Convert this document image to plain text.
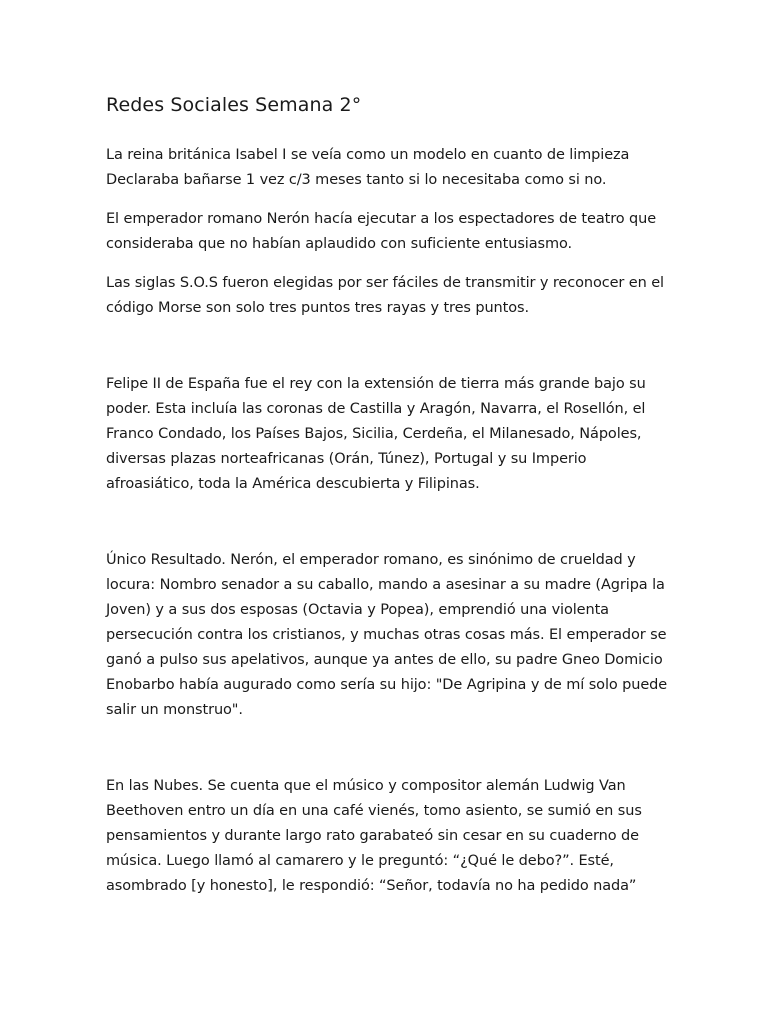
Redes Sociales Semana 2°

La reina británica Isabel I se veía como un modelo en cuanto de limpieza
Declaraba bañarse 1 vez c/3 meses tanto si lo necesitaba como si no.

El emperador romano Nerón hacía ejecutar a los espectadores de teatro que
consideraba que no habían aplaudido con suficiente entusiasmo.

Las siglas S.O.S fueron elegidas por ser fáciles de transmitir y reconocer en el
código Morse son solo tres puntos tres rayas y tres puntos.

Felipe II de España fue el rey con la extensión de tierra más grande bajo su
poder. Esta incluía las coronas de Castilla y Aragón, Navarra, el Rosellón, el
Franco Condado, los Países Bajos, Sicilia, Cerdeña, el Milanesado, Nápoles,
diversas plazas norteafricanas (Orán, Túnez), Portugal y su Imperio
afroasiático, toda la América descubierta y Filipinas.

Único Resultado. Nerón, el emperador romano, es sinónimo de crueldad y
locura: Nombro senador a su caballo, mando a asesinar a su madre (Agripa la
Joven) y a sus dos esposas (Octavia y Popea), emprendió una violenta
persecución contra los cristianos, y muchas otras cosas más. El emperador se
ganó a pulso sus apelativos, aunque ya antes de ello, su padre Gneo Domicio
Enobarbo había augurado como sería su hijo: "De Agripina y de mí solo puede
salir un monstruo".

En las Nubes. Se cuenta que el músico y compositor alemán Ludwig Van
Beethoven entro un día en una café vienés, tomo asiento, se sumió en sus
pensamientos y durante largo rato garabateó sin cesar en su cuaderno de
música. Luego llamó al camarero y le preguntó: “¿Qué le debo?”. Esté,
asombrado [y honesto], le respondió: “Señor, todavía no ha pedido nada”
